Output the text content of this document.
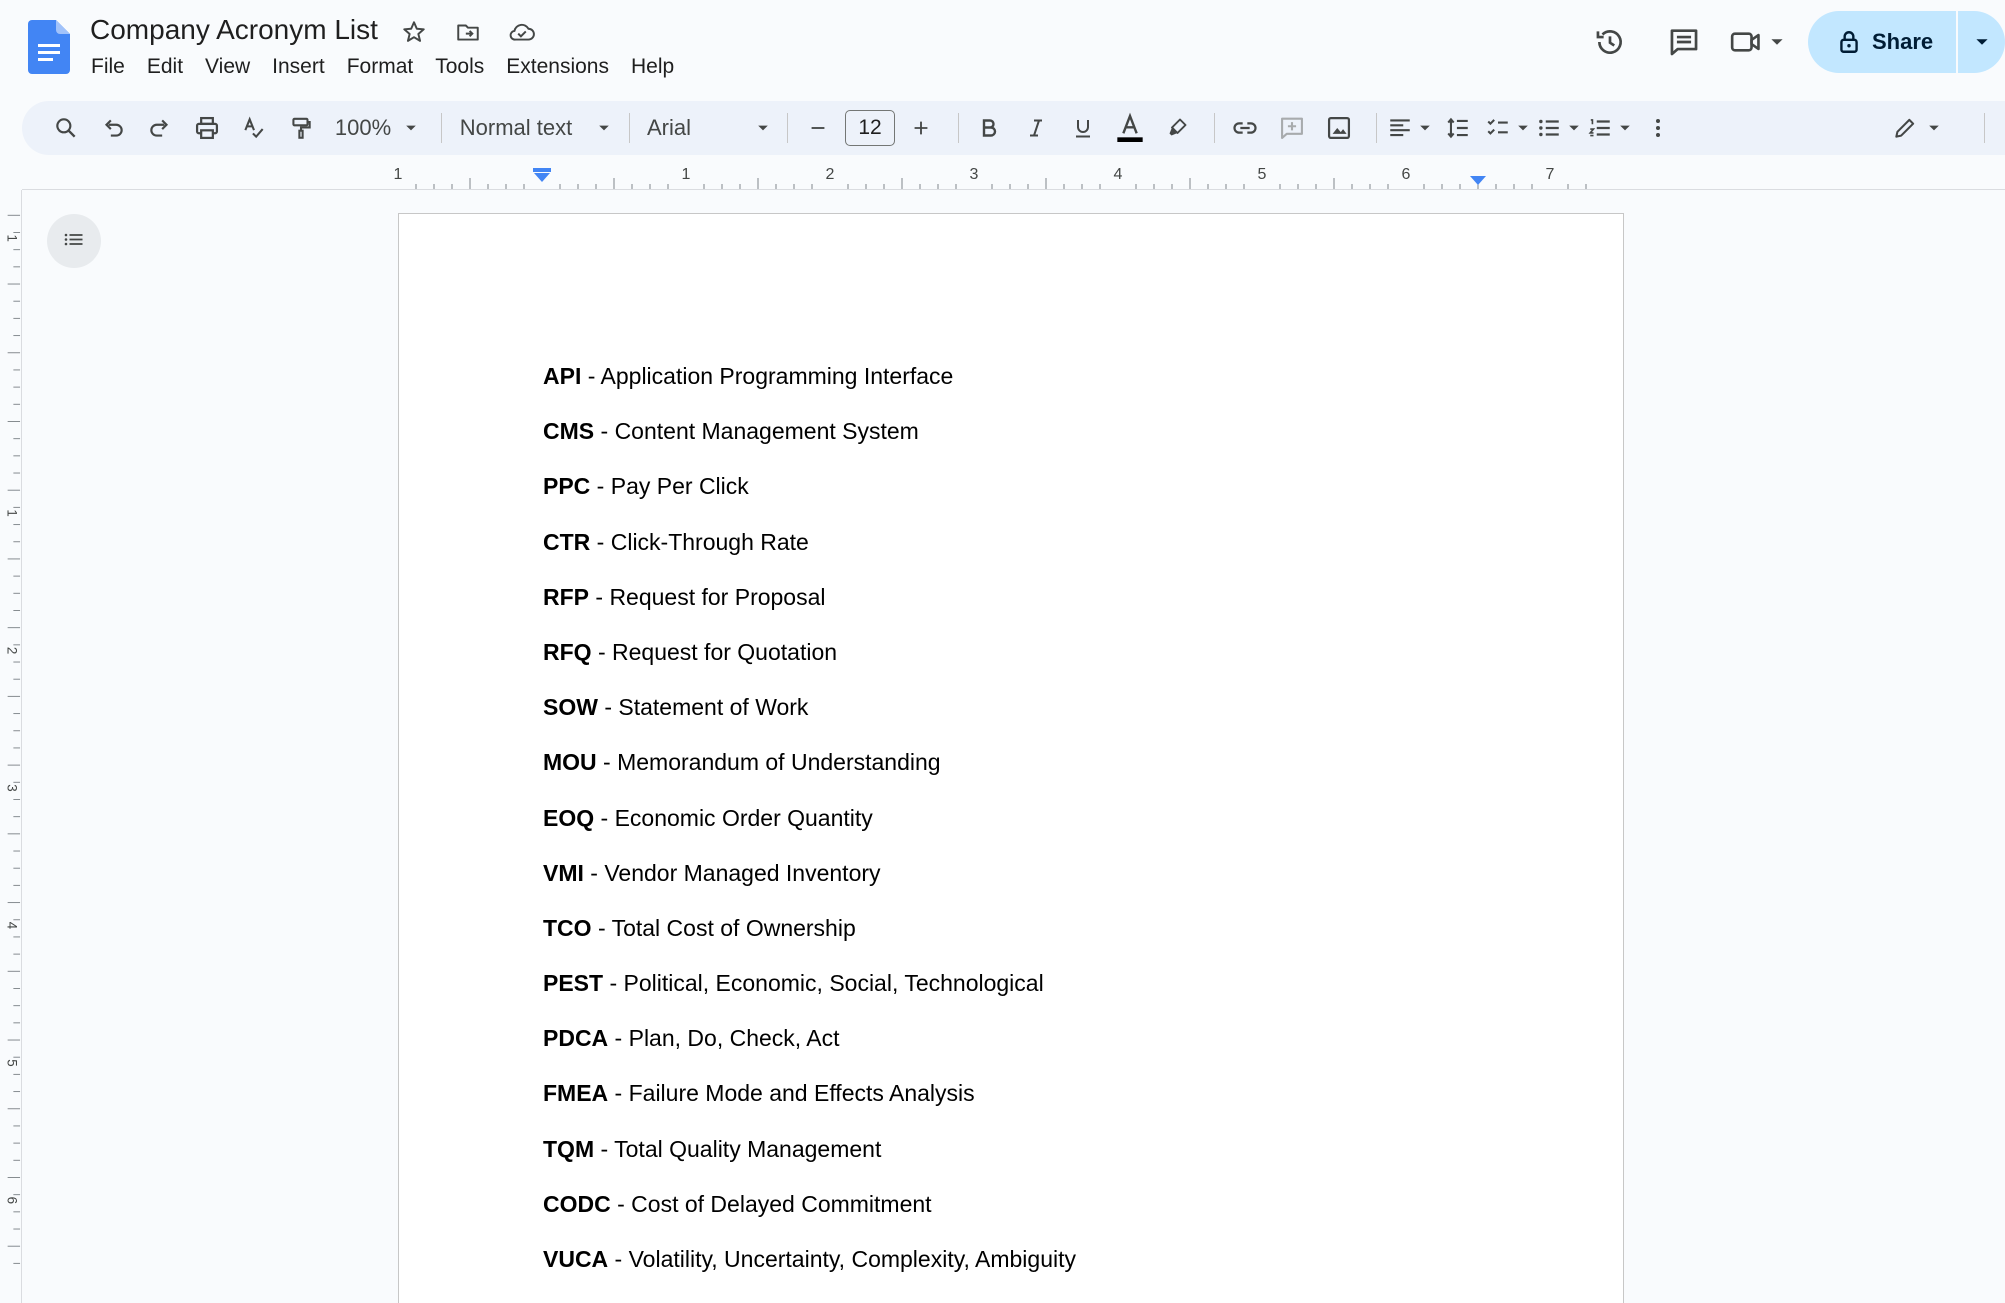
Company Acronym List
File	Edit	View	Insert	Format	Tools	Extensions	Help
Share
100%	Normal text	Arial	12
1	1	2	3	4	5	6	7
1
1
2
3
4
5
6
API - Application Programming Interface
CMS - Content Management System
PPC - Pay Per Click
CTR - Click-Through Rate
RFP - Request for Proposal
RFQ - Request for Quotation
SOW - Statement of Work
MOU - Memorandum of Understanding
EOQ - Economic Order Quantity
VMI - Vendor Managed Inventory
TCO - Total Cost of Ownership
PEST - Political, Economic, Social, Technological
PDCA - Plan, Do, Check, Act
FMEA - Failure Mode and Effects Analysis
TQM - Total Quality Management
CODC - Cost of Delayed Commitment
VUCA - Volatility, Uncertainty, Complexity, Ambiguity
